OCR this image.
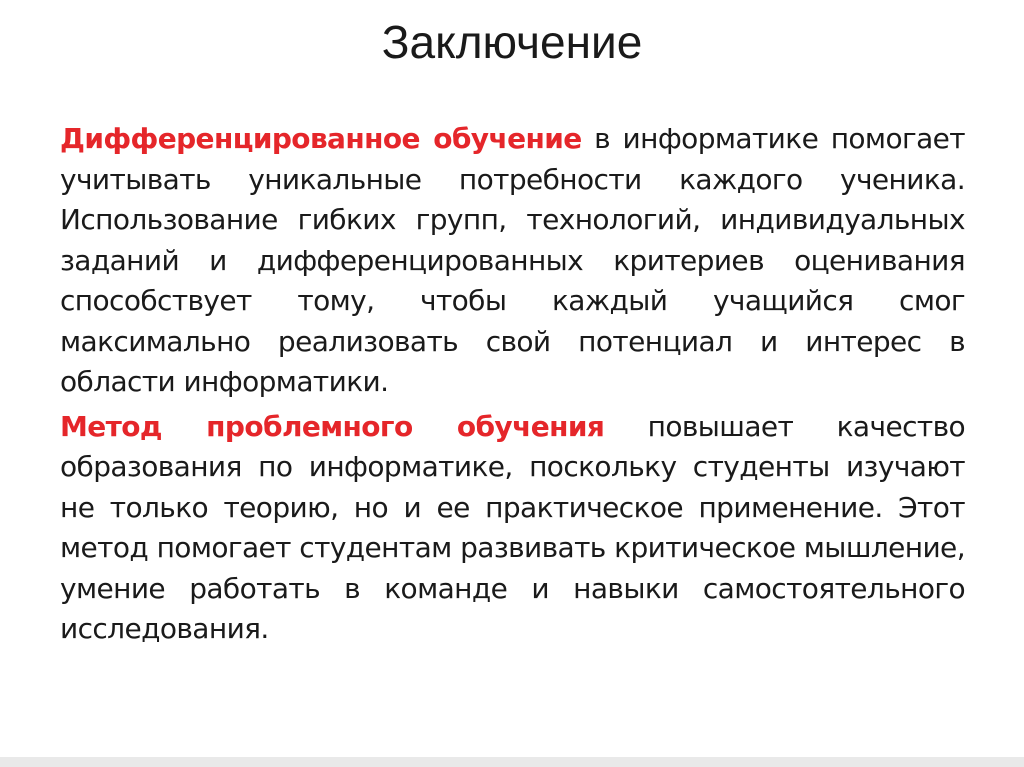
Заключение

Дифференцированное обучение в информатике помогает учитывать уникальные потребности каждого ученика. Использование гибких групп, технологий, индивидуальных заданий и дифференцированных критериев оценивания способствует тому, чтобы каждый учащийся смог максимально реализовать свой потенциал и интерес в области информатики.

Метод проблемного обучения повышает качество образования по информатике, поскольку студенты изучают не только теорию, но и ее практическое применение. Этот метод помогает студентам развивать критическое мышление, умение работать в команде и навыки самостоятельного исследования.
